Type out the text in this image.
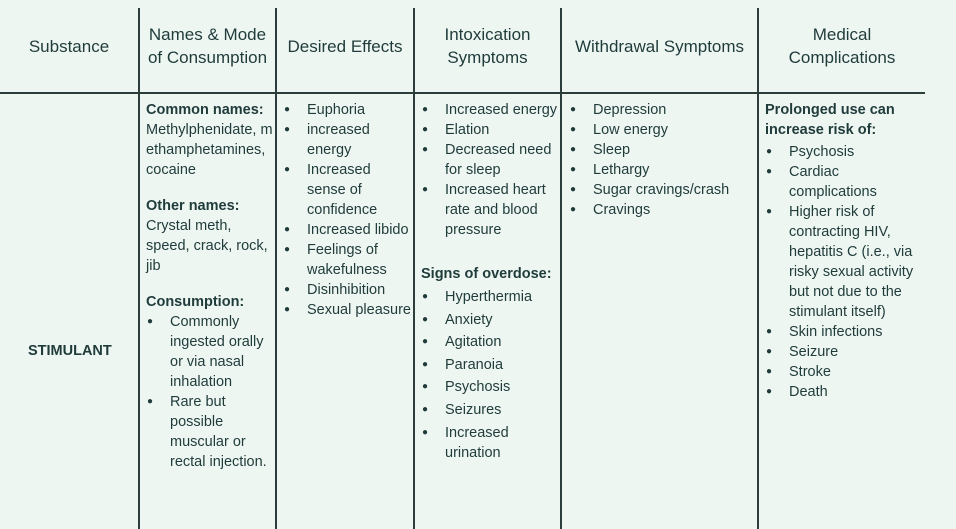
Substance
Names & Mode of Consumption
Desired Effects
Intoxication Symptoms
Withdrawal Symptoms
Medical Complications
STIMULANT
Common names:
Methylphenidate, methamphetamines, cocaine
Other names:
Crystal meth, speed, crack, rock, jib
Consumption:
● Commonly ingested orally or via nasal inhalation
● Rare but possible muscular or rectal injection.
● Euphoria
● increased energy
● Increased sense of confidence
● Increased libido
● Feelings of wakefulness
● Disinhibition
● Sexual pleasure
● Increased energy
● Elation
● Decreased need for sleep
● Increased heart rate and blood pressure
Signs of overdose:
● Hyperthermia
● Anxiety
● Agitation
● Paranoia
● Psychosis
● Seizures
● Increased urination
● Depression
● Low energy
● Sleep
● Lethargy
● Sugar cravings/crash
● Cravings
Prolonged use can increase risk of:
● Psychosis
● Cardiac complications
● Higher risk of contracting HIV, hepatitis C (i.e., via risky sexual activity but not due to the stimulant itself)
● Skin infections
● Seizure
● Stroke
● Death
